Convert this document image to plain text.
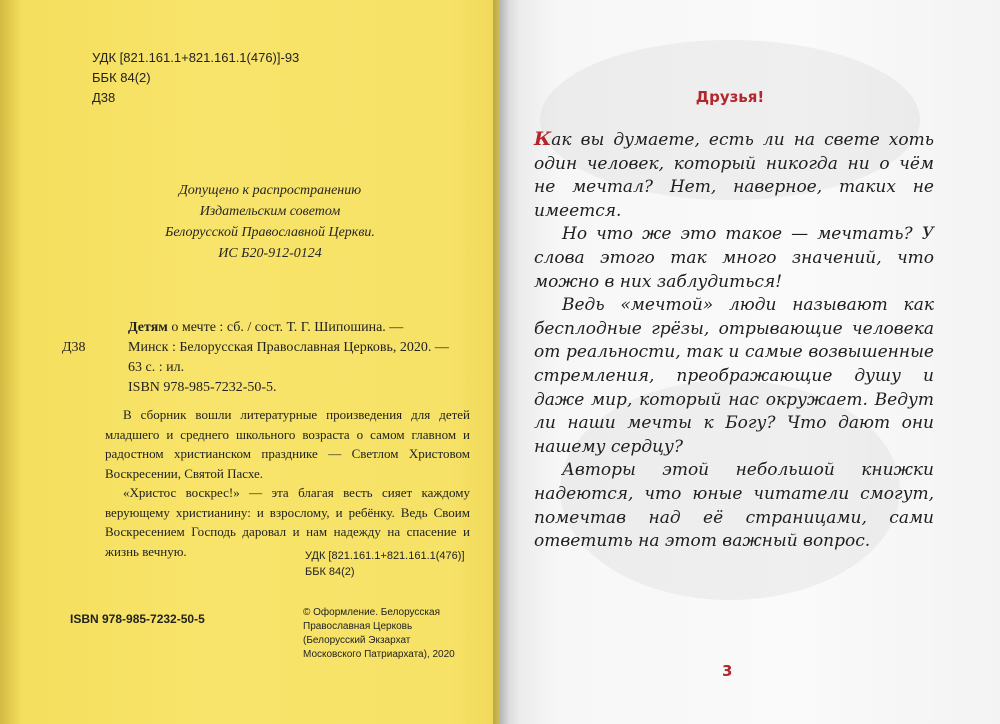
УДК [821.161.1+821.161.1(476)]-93
ББК 84(2)
Д38
Допущено к распространению
Издательским советом
Белорусской Православной Церкви.
ИС Б20-912-0124
Д38
Детям о мечте : сб. / сост. Т. Г. Шипошина. —
Минск : Белорусская Православная Церковь, 2020. —
63 с. : ил.
ISBN 978-985-7232-50-5.

В сборник вошли литературные произведения для детей младшего и среднего школьного возраста о самом главном и радостном христианском празднике — Светлом Христовом Воскресении, Святой Пасхе.

«Христос воскрес!» — эта благая весть сияет каждому верующему христианину: и взрослому, и ребёнку. Ведь Своим Воскресением Господь даровал и нам надежду на спасение и жизнь вечную.	УДК [821.161.1+821.161.1(476)]
ББК 84(2)
ISBN 978-985-7232-50-5	© Оформление. Белорусская
Православная Церковь
(Белорусский Экзархат
Московского Патриархата), 2020
Друзья!

Как вы думаете, есть ли на свете хоть один человек, который никогда ни о чём не мечтал? Нет, наверное, таких не имеется.

Но что же это такое — мечтать? У слова этого так много значений, что можно в них заблудиться!

Ведь «мечтой» люди называют как бесплодные грёзы, отрывающие человека от реальности, так и самые возвышенные стремления, преображающие душу и даже мир, который нас окружает. Ведут ли наши мечты к Богу? Что дают они нашему сердцу?

Авторы этой небольшой книжки надеются, что юные читатели смогут, помечтав над её страницами, сами ответить на этот важный вопрос.

3
